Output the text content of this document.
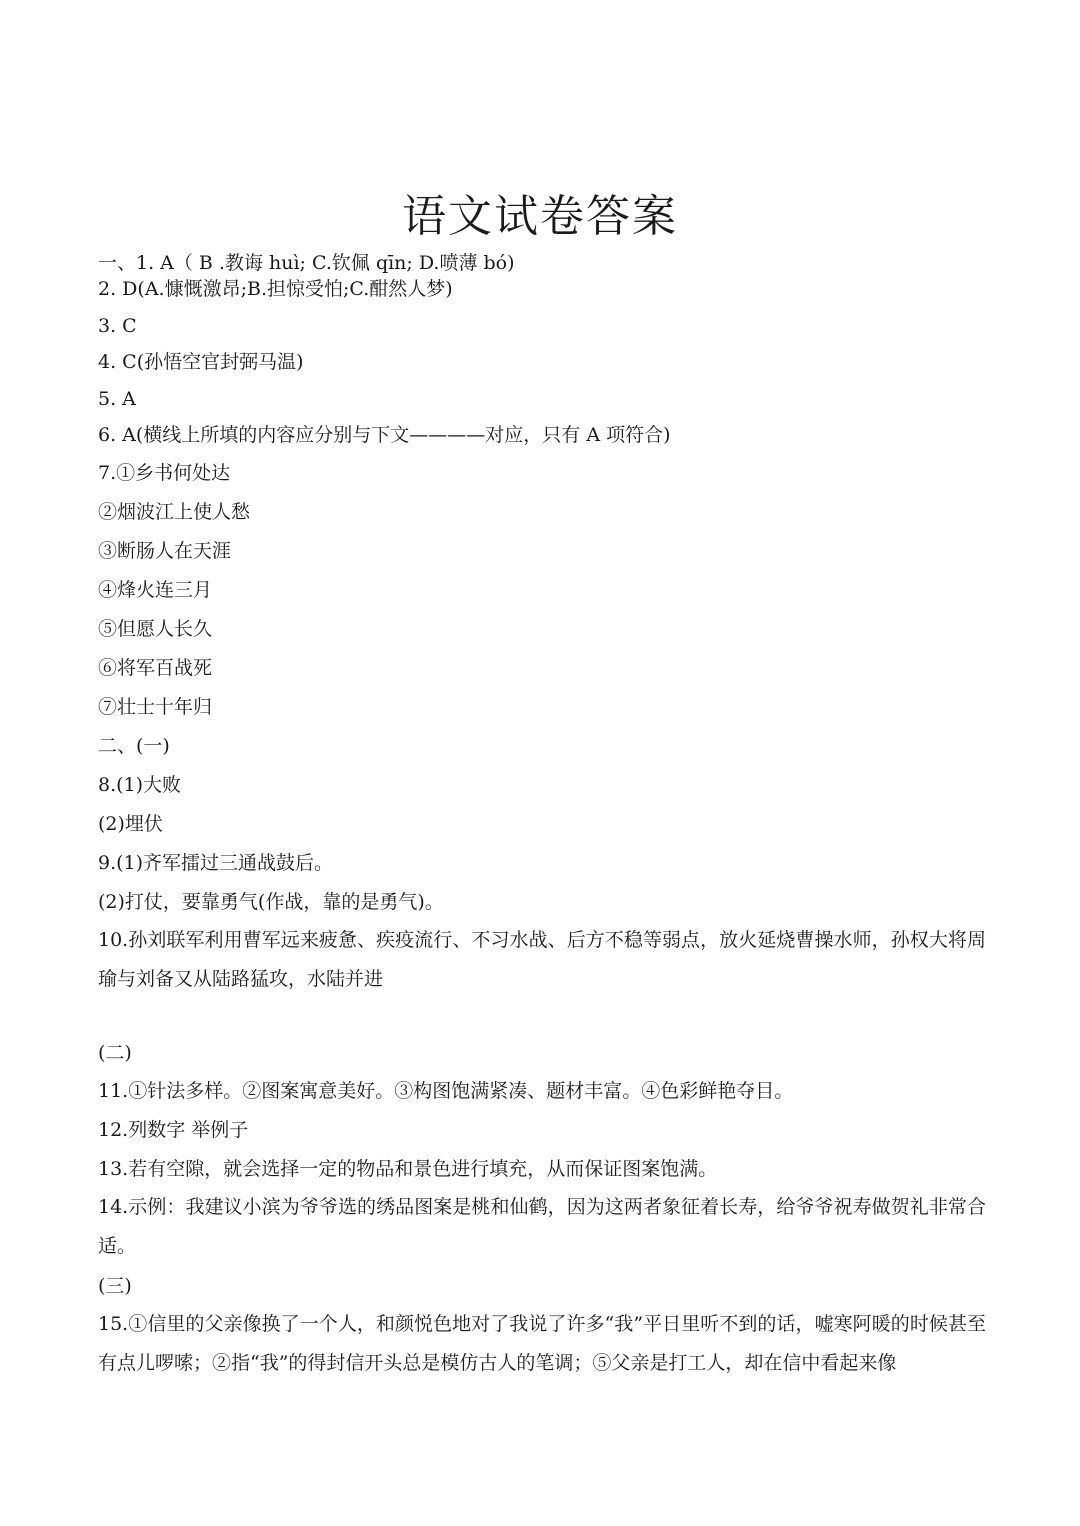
语文试卷答案
一、1. A（ B .教诲 huì; C.钦佩 qīn; D.喷薄 bó)
2. D(A.慷慨激昂;B.担惊受怕;C.酣然人梦)
3. C
4. C(孙悟空官封弼马温)
5. A
6. A(横线上所填的内容应分别与下文————对应，只有 A 项符合)
7.①乡书何处达
②烟波江上使人愁
③断肠人在天涯
④烽火连三月
⑤但愿人长久
⑥将军百战死
⑦壮士十年归
二、(一)
8.(1)大败
(2)埋伏
9.(1)齐军擂过三通战鼓后。
(2)打仗，要靠勇气(作战，靠的是勇气)。
10.孙刘联军利用曹军远来疲惫、疾疫流行、不习水战、后方不稳等弱点，放火延烧曹操水师，孙权大将周瑜与刘备又从陆路猛攻，水陆并进
(二)
11.①针法多样。②图案寓意美好。③构图饱满紧凑、题材丰富。④色彩鲜艳夺目。
12.列数字 举例子
13.若有空隙，就会选择一定的物品和景色进行填充，从而保证图案饱满。
14.示例：我建议小滨为爷爷选的绣品图案是桃和仙鹤，因为这两者象征着长寿，给爷爷祝寿做贺礼非常合适。
(三)
15.①信里的父亲像换了一个人，和颜悦色地对了我说了许多“我”平日里听不到的话，嘘寒阿暖的时候甚至有点儿啰嗦；②指“我”的得封信开头总是模仿古人的笔调；⑤父亲是打工人，却在信中看起来像
